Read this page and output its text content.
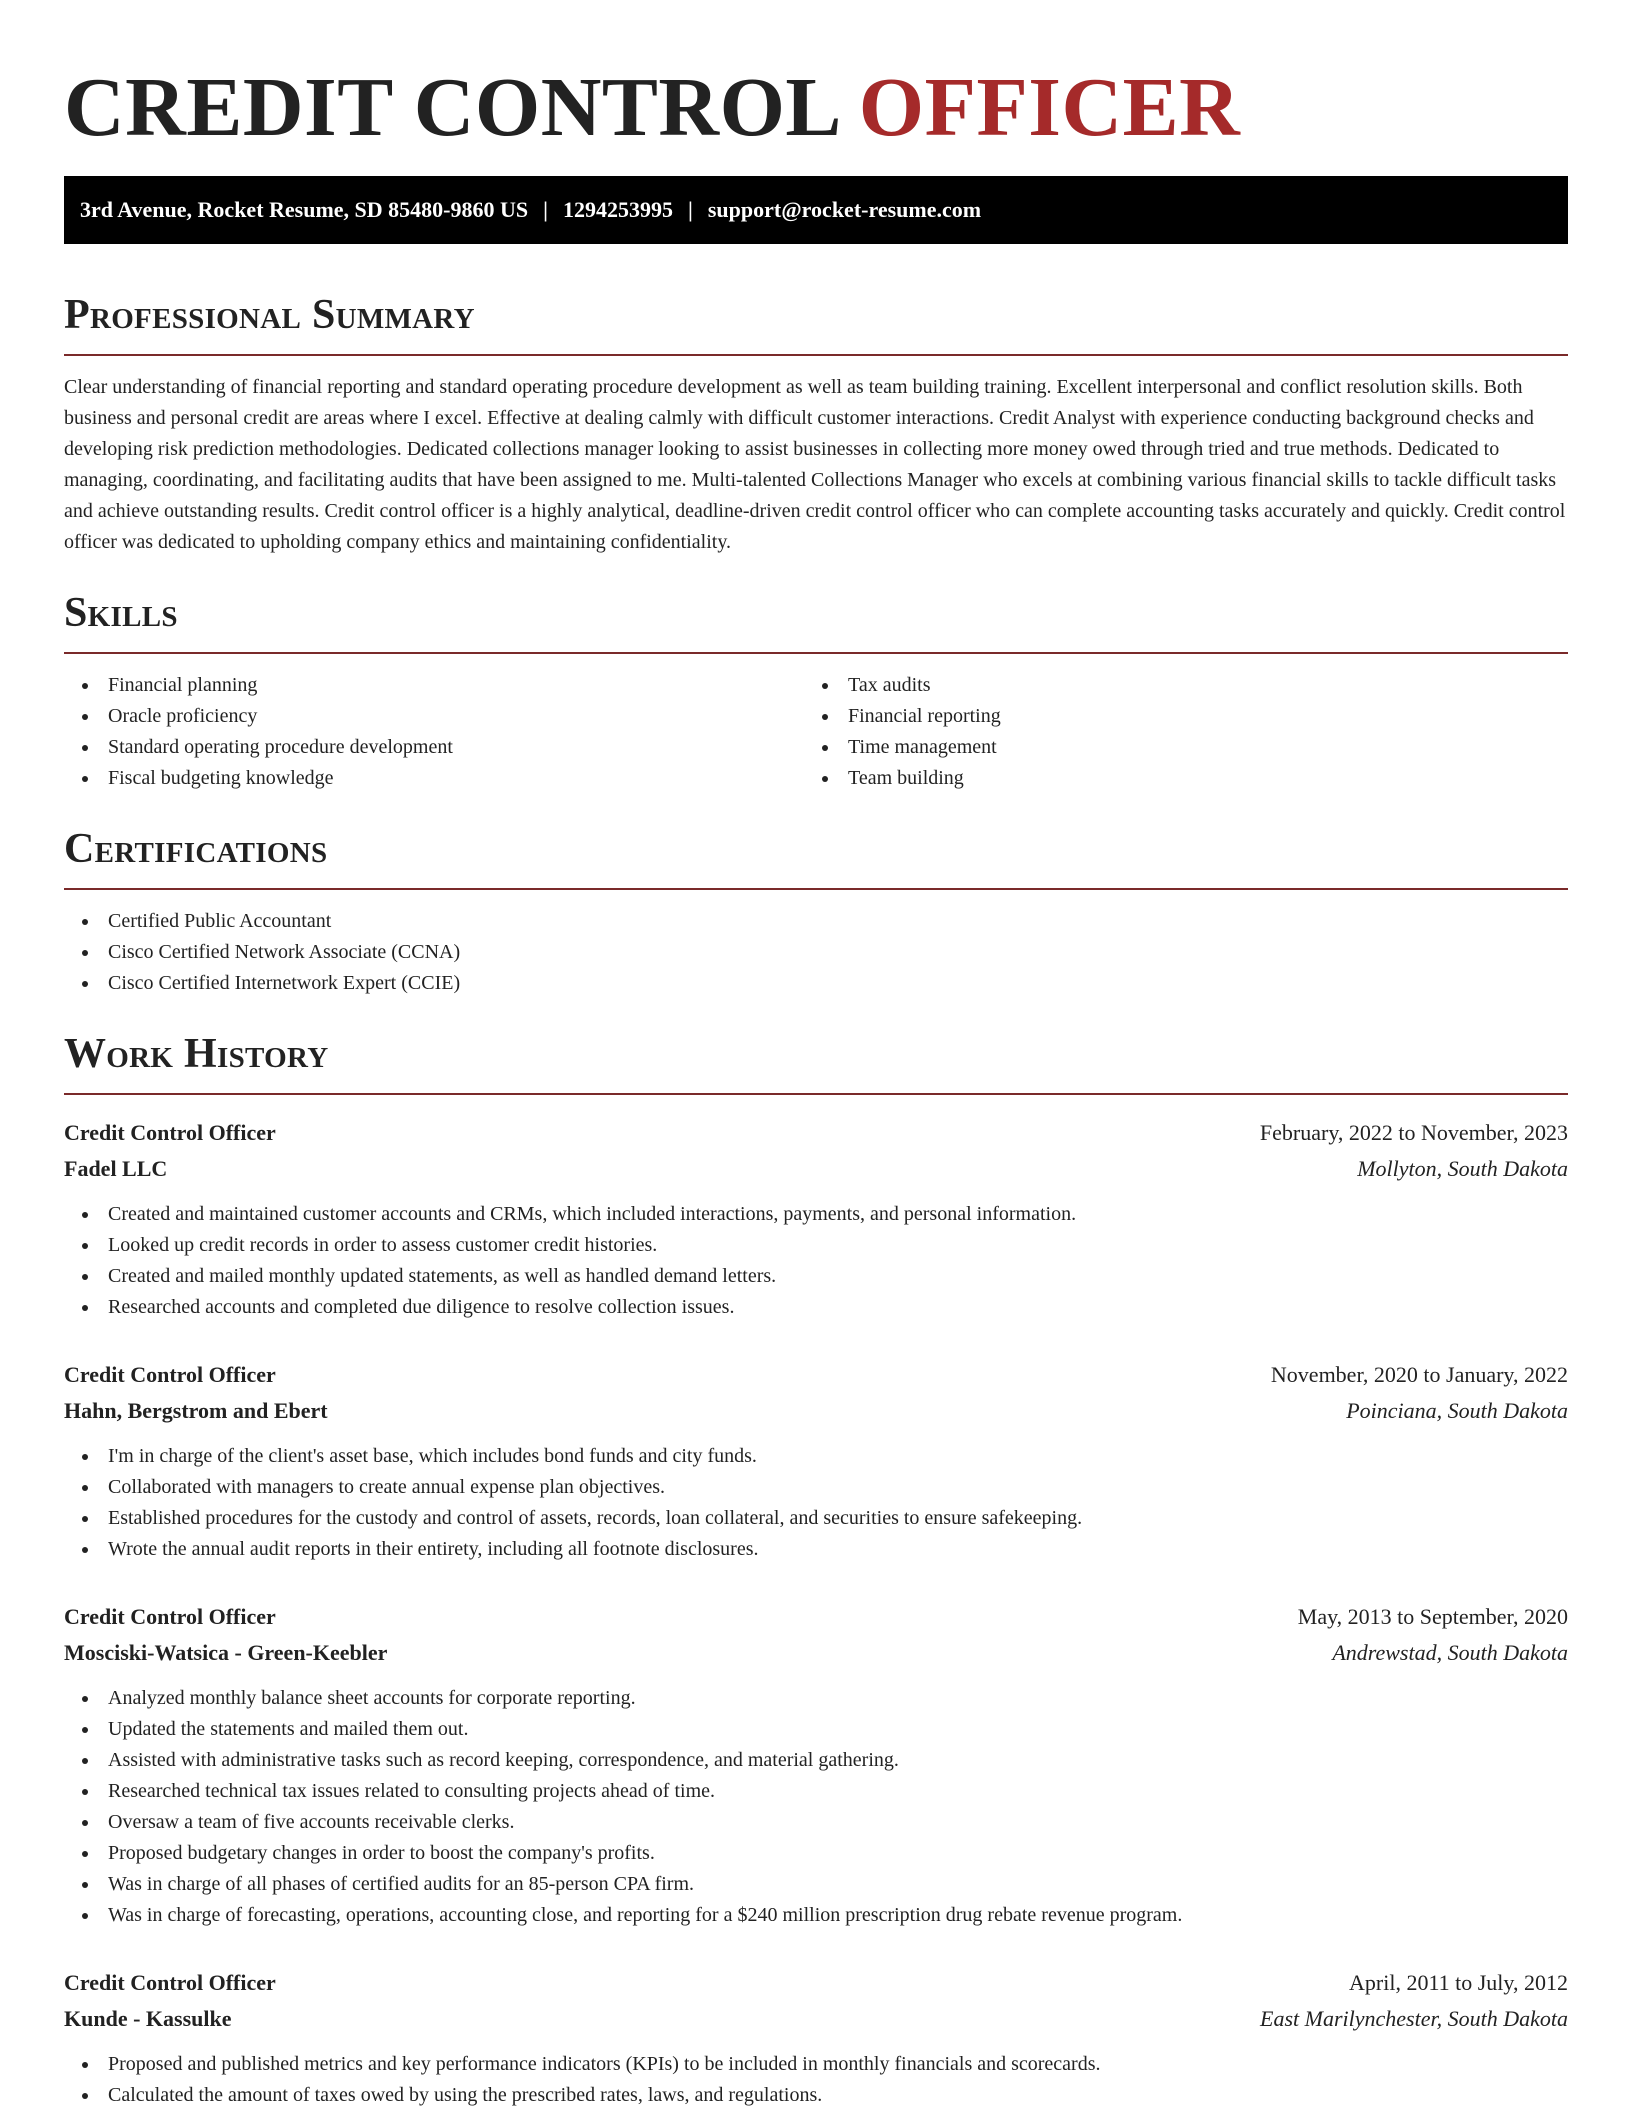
CREDIT CONTROL OFFICER
3rd Avenue, Rocket Resume, SD 85480-9860 US | 1294253995 | support@rocket-resume.com
Professional Summary

Clear understanding of financial reporting and standard operating procedure development as well as team building training. Excellent interpersonal and conflict resolution skills. Both business and personal credit are areas where I excel. Effective at dealing calmly with difficult customer interactions. Credit Analyst with experience conducting background checks and developing risk prediction methodologies. Dedicated collections manager looking to assist businesses in collecting more money owed through tried and true methods. Dedicated to managing, coordinating, and facilitating audits that have been assigned to me. Multi-talented Collections Manager who excels at combining various financial skills to tackle difficult tasks and achieve outstanding results. Credit control officer is a highly analytical, deadline-driven credit control officer who can complete accounting tasks accurately and quickly. Credit control officer was dedicated to upholding company ethics and maintaining confidentiality.

Skills
Financial planning
Oracle proficiency
Standard operating procedure development
Fiscal budgeting knowledge
Tax audits
Financial reporting
Time management
Team building
Certifications
Certified Public Accountant
Cisco Certified Network Associate (CCNA)
Cisco Certified Internetwork Expert (CCIE)
Work History
Credit Control Officer	February, 2022 to November, 2023
Fadel LLC	Mollyton, South Dakota
Created and maintained customer accounts and CRMs, which included interactions, payments, and personal information.
Looked up credit records in order to assess customer credit histories.
Created and mailed monthly updated statements, as well as handled demand letters.
Researched accounts and completed due diligence to resolve collection issues.
Credit Control Officer	November, 2020 to January, 2022
Hahn, Bergstrom and Ebert	Poinciana, South Dakota
I'm in charge of the client's asset base, which includes bond funds and city funds.
Collaborated with managers to create annual expense plan objectives.
Established procedures for the custody and control of assets, records, loan collateral, and securities to ensure safekeeping.
Wrote the annual audit reports in their entirety, including all footnote disclosures.
Credit Control Officer	May, 2013 to September, 2020
Mosciski-Watsica - Green-Keebler	Andrewstad, South Dakota
Analyzed monthly balance sheet accounts for corporate reporting.
Updated the statements and mailed them out.
Assisted with administrative tasks such as record keeping, correspondence, and material gathering.
Researched technical tax issues related to consulting projects ahead of time.
Oversaw a team of five accounts receivable clerks.
Proposed budgetary changes in order to boost the company's profits.
Was in charge of all phases of certified audits for an 85-person CPA firm.
Was in charge of forecasting, operations, accounting close, and reporting for a $240 million prescription drug rebate revenue program.
Credit Control Officer	April, 2011 to July, 2012
Kunde - Kassulke	East Marilynchester, South Dakota
Proposed and published metrics and key performance indicators (KPIs) to be included in monthly financials and scorecards.
Calculated the amount of taxes owed by using the prescribed rates, laws, and regulations.
